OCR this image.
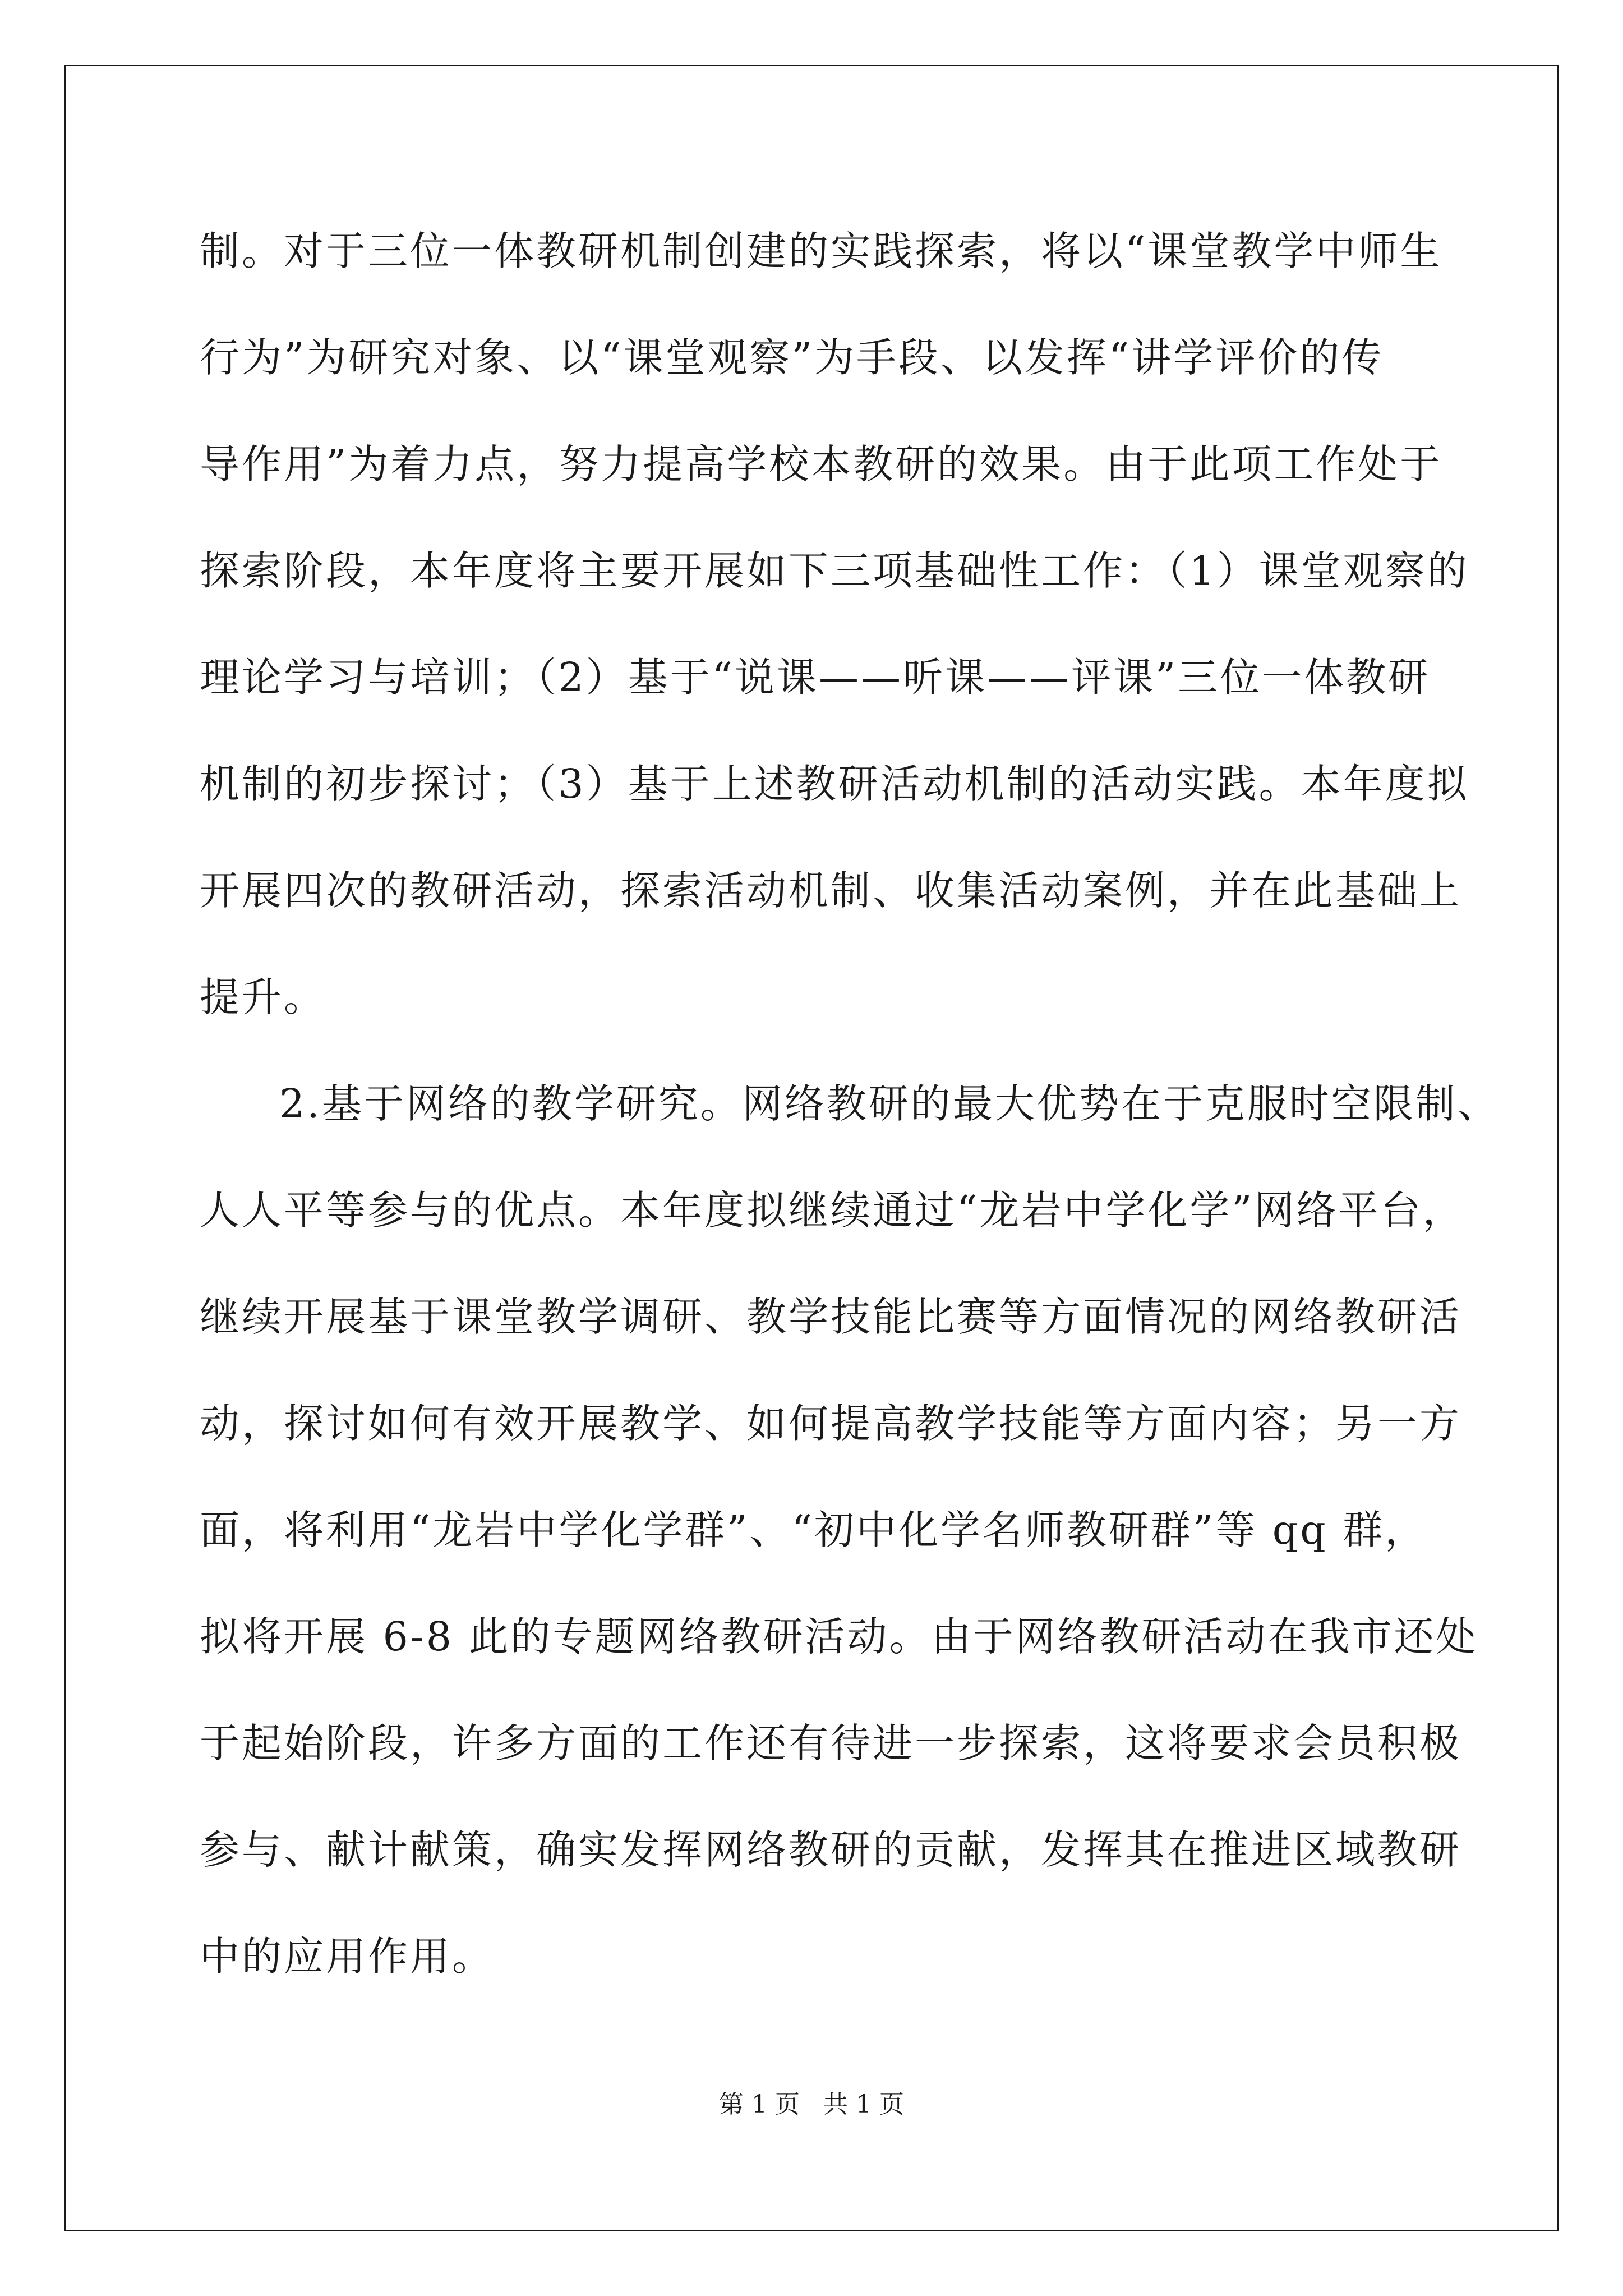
制。对于三位一体教研机制创建的实践探索，将以“课堂教学中师生
行为”为研究对象、以“课堂观察”为手段、以发挥“讲学评价的传
导作用”为着力点，努力提高学校本教研的效果。由于此项工作处于
探索阶段，本年度将主要开展如下三项基础性工作：（1）课堂观察的
理论学习与培训；（2）基于“说课——听课——评课”三位一体教研
机制的初步探讨；（3）基于上述教研活动机制的活动实践。本年度拟
开展四次的教研活动，探索活动机制、收集活动案例，并在此基础上
提升。
2.基于网络的教学研究。网络教研的最大优势在于克服时空限制、
人人平等参与的优点。本年度拟继续通过“龙岩中学化学”网络平台，
继续开展基于课堂教学调研、教学技能比赛等方面情况的网络教研活
动，探讨如何有效开展教学、如何提高教学技能等方面内容；另一方
面，将利用“龙岩中学化学群”、“初中化学名师教研群”等 qq 群，
拟将开展 6-8 此的专题网络教研活动。由于网络教研活动在我市还处
于起始阶段，许多方面的工作还有待进一步探索，这将要求会员积极
参与、献计献策，确实发挥网络教研的贡献，发挥其在推进区域教研
中的应用作用。
第 1 页   共 1 页
